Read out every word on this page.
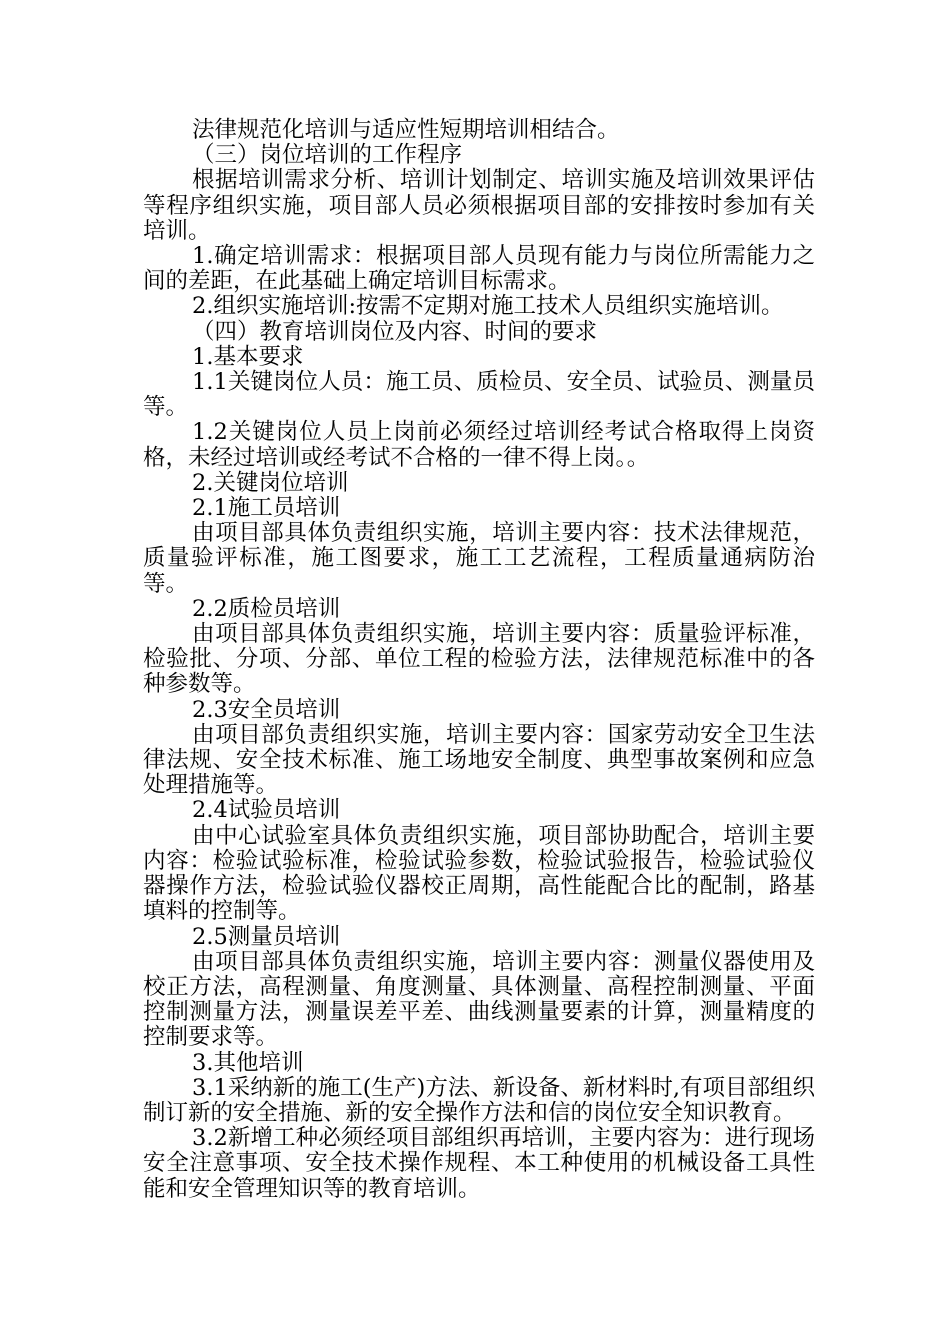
法律规范化培训与适应性短期培训相结合。

（三）岗位培训的工作程序

根据培训需求分析、培训计划制定、培训实施及培训效果评估等程序组织实施，项目部人员必须根据项目部的安排按时参加有关培训。

1.确定培训需求：根据项目部人员现有能力与岗位所需能力之间的差距，在此基础上确定培训目标需求。

2.组织实施培训:按需不定期对施工技术人员组织实施培训。

（四）教育培训岗位及内容、时间的要求

1.基本要求

1.1关键岗位人员：施工员、质检员、安全员、试验员、测量员等。

1.2关键岗位人员上岗前必须经过培训经考试合格取得上岗资格，未经过培训或经考试不合格的一律不得上岗。。

2.关键岗位培训

2.1施工员培训

由项目部具体负责组织实施，培训主要内容：技术法律规范，质量验评标准，施工图要求，施工工艺流程，工程质量通病防治等。

2.2质检员培训

由项目部具体负责组织实施，培训主要内容：质量验评标准，检验批、分项、分部、单位工程的检验方法，法律规范标准中的各种参数等。

2.3安全员培训

由项目部负责组织实施，培训主要内容：国家劳动安全卫生法律法规、安全技术标准、施工场地安全制度、典型事故案例和应急处理措施等。

2.4试验员培训

由中心试验室具体负责组织实施，项目部协助配合，培训主要内容：检验试验标准，检验试验参数，检验试验报告，检验试验仪器操作方法，检验试验仪器校正周期，高性能配合比的配制，路基填料的控制等。

2.5测量员培训

由项目部具体负责组织实施，培训主要内容：测量仪器使用及校正方法，高程测量、角度测量、具体测量、高程控制测量、平面控制测量方法，测量误差平差、曲线测量要素的计算，测量精度的控制要求等。

3.其他培训

3.1采纳新的施工(生产)方法、新设备、新材料时,有项目部组织制订新的安全措施、新的安全操作方法和信的岗位安全知识教育。

3.2新增工种必须经项目部组织再培训，主要内容为：进行现场安全注意事项、安全技术操作规程、本工种使用的机械设备工具性能和安全管理知识等的教育培训。
